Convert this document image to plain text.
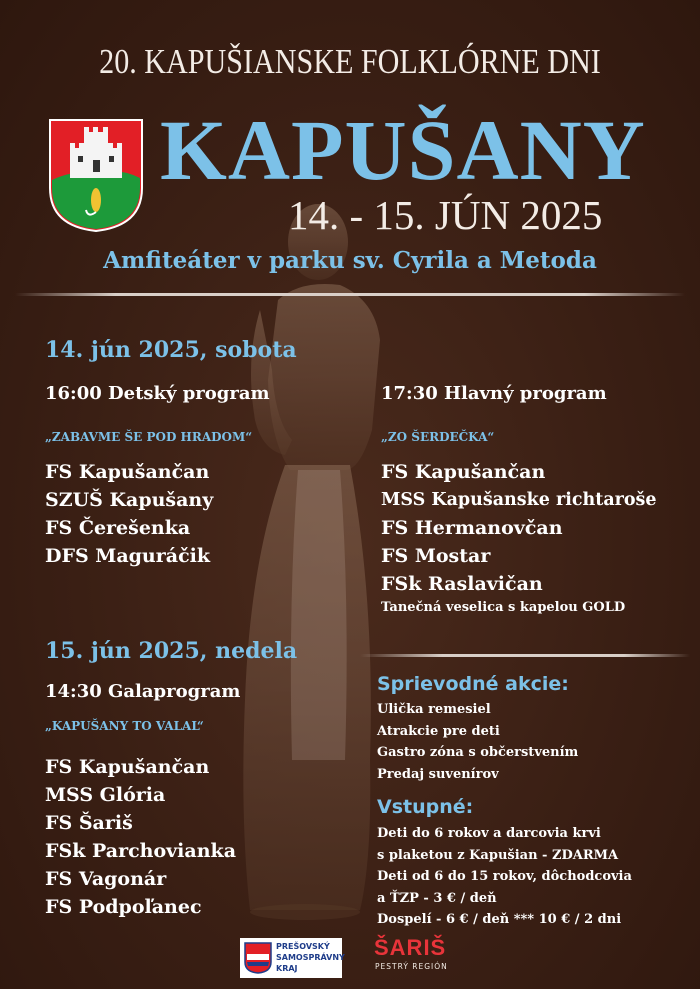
20. KAPUŠIANSKE FOLKLÓRNE DNI
KAPUŠANY
14. - 15. JÚN 2025
Amfiteáter v parku sv. Cyrila a Metoda
14. jún 2025, sobota
16:00 Detský program
„ZABAVME ŠE POD HRADOM“
FS Kapušančan
SZUŠ Kapušany
FS Čerešenka
DFS Maguráčik
17:30 Hlavný program
„ZO ŠERDEČKA“
FS Kapušančan
MSS Kapušanske richtaroše
FS Hermanovčan
FS Mostar
FSk Raslavičan
Tanečná veselica s kapelou GOLD
15. jún 2025, nedela
14:30 Galaprogram
„KAPUŠANY TO VALAL“
FS Kapušančan
MSS Glória
FS Šariš
FSk Parchovianka
FS Vagonár
FS Podpoľanec
Sprievodné akcie:
Ulička remesiel
Atrakcie pre deti
Gastro zóna s občerstvením
Predaj suvenírov
Vstupné:
Deti do 6 rokov a darcovia krvi
s plaketou z Kapušian - ZDARMA
Deti od 6 do 15 rokov, dôchodcovia
a ŤZP - 3 € / deň
Dospelí - 6 € / deň *** 10 € / 2 dni
PREŠOVSKÝ SAMOSPRÁVNY KRAJ
ŠARIŠ
PESTRÝ REGIÓN
